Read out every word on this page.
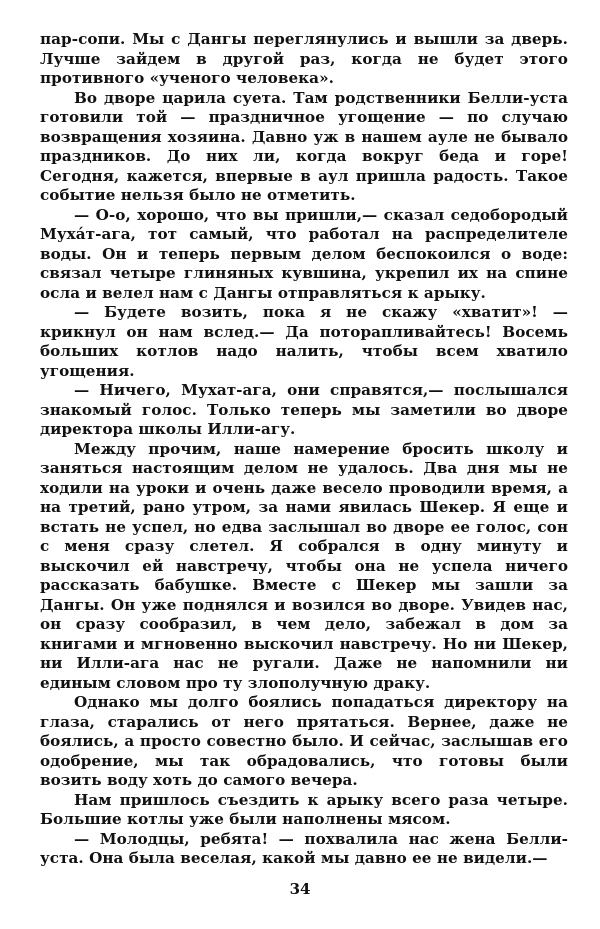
пар-сопи. Мы с Дангы переглянулись и вышли за дверь. Лучше зайдем в другой раз, когда не будет этого противного «ученого человека».

Во дворе царила суета. Там родственники Белли-уста готовили той — праздничное угощение — по случаю возвращения хозяина. Давно уж в нашем ауле не бывало праздников. До них ли, когда вокруг беда и горе! Сегодня, кажется, впервые в аул пришла радость. Такое событие нельзя было не отметить.

— О-о, хорошо, что вы пришли,— сказал седобородый Мухáт-ага, тот самый, что работал на распределителе воды. Он и теперь первым делом беспокоился о воде: связал четыре глиняных кувшина, укрепил их на спине осла и велел нам с Дангы отправляться к арыку.

— Будете возить, пока я не скажу «хватит»! — крикнул он нам вслед.— Да поторапливайтесь! Восемь больших котлов надо налить, чтобы всем хватило угощения.

— Ничего, Мухат-ага, они справятся,— послышался знакомый голос. Только теперь мы заметили во дворе директора школы Илли-агу.

Между прочим, наше намерение бросить школу и заняться настоящим делом не удалось. Два дня мы не ходили на уроки и очень даже весело проводили время, а на третий, рано утром, за нами явилась Шекер. Я еще и встать не успел, но едва заслышал во дворе ее голос, сон с меня сразу слетел. Я собрался в одну минуту и выскочил ей навстречу, чтобы она не успела ничего рассказать бабушке. Вместе с Шекер мы зашли за Дангы. Он уже поднялся и возился во дворе. Увидев нас, он сразу сообразил, в чем дело, забежал в дом за книгами и мгновенно выскочил навстречу. Но ни Шекер, ни Илли-ага нас не ругали. Даже не напомнили ни единым словом про ту злополучную драку.

Однако мы долго боялись попадаться директору на глаза, старались от него прятаться. Вернее, даже не боялись, а просто совестно было. И сейчас, заслышав его одобрение, мы так обрадовались, что готовы были возить воду хоть до самого вечера.

Нам пришлось съездить к арыку всего раза четыре. Большие котлы уже были наполнены мясом.

— Молодцы, ребята! — похвалила нас жена Белли-уста. Она была веселая, какой мы давно ее не видели.—

34
